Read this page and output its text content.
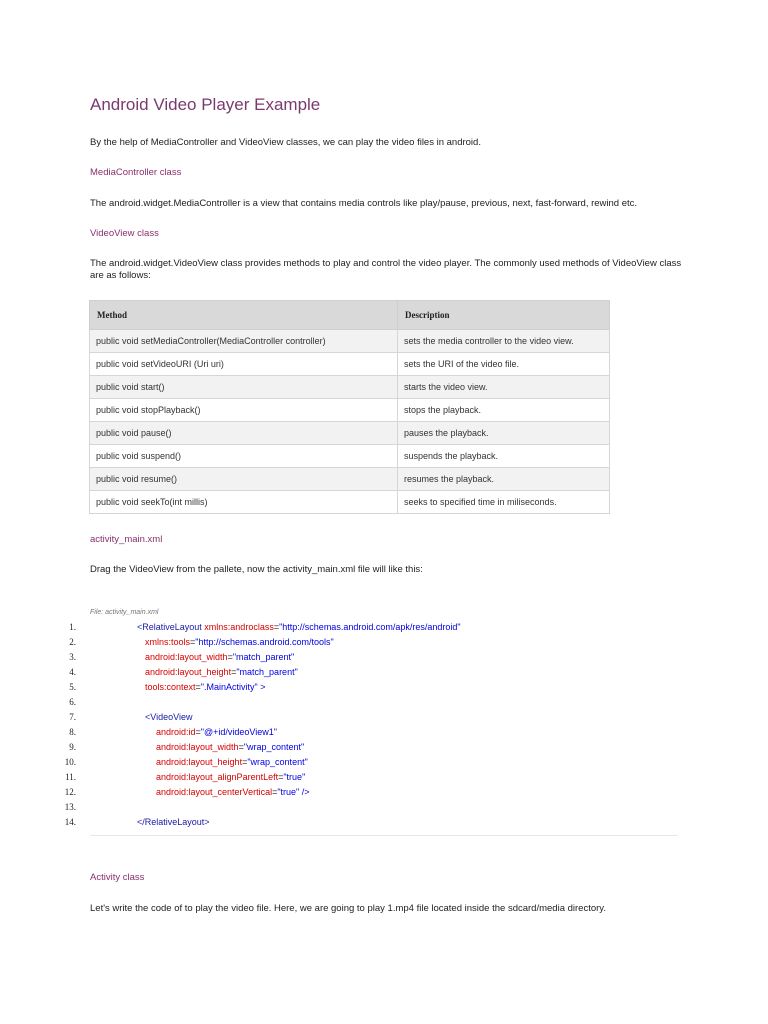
Android Video Player Example
By the help of MediaController and VideoView classes, we can play the video files in android.
MediaController class
The android.widget.MediaController is a view that contains media controls like play/pause, previous, next, fast-forward, rewind etc.
VideoView class
The android.widget.VideoView class provides methods to play and control the video player. The commonly used methods of VideoView class are as follows:
Method	Description
public void setMediaController(MediaController controller)	sets the media controller to the video view.
public void setVideoURI (Uri uri)	sets the URI of the video file.
public void start()	starts the video view.
public void stopPlayback()	stops the playback.
public void pause()	pauses the playback.
public void suspend()	suspends the playback.
public void resume()	resumes the playback.
public void seekTo(int millis)	seeks to specified time in miliseconds.
activity_main.xml
Drag the VideoView from the pallete, now the activity_main.xml file will like this:
File: activity_main.xml
1.	<RelativeLayout xmlns:androclass="http://schemas.android.com/apk/res/android"
2.	xmlns:tools="http://schemas.android.com/tools"
3.	android:layout_width="match_parent"
4.	android:layout_height="match_parent"
5.	tools:context=".MainActivity" >
6.
7.	<VideoView
8.	android:id="@+id/videoView1"
9.	android:layout_width="wrap_content"
10.	android:layout_height="wrap_content"
11.	android:layout_alignParentLeft="true"
12.	android:layout_centerVertical="true" />
13.
14.	</RelativeLayout>
Activity class
Let's write the code of to play the video file. Here, we are going to play 1.mp4 file located inside the sdcard/media directory.
